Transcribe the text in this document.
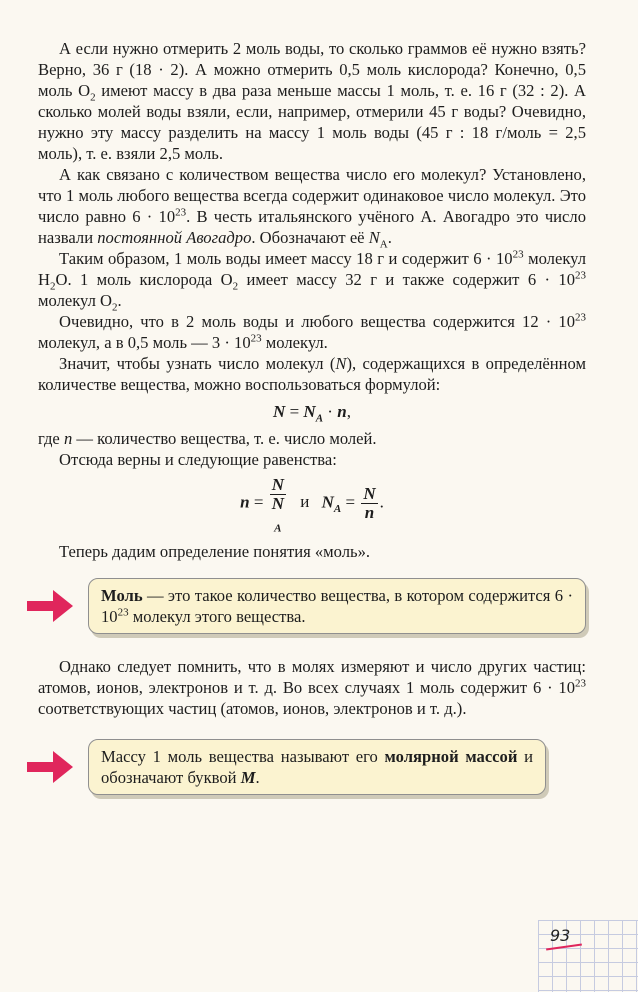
А если нужно отмерить 2 моль воды, то сколько граммов её нужно взять? Верно, 36 г (18 · 2). А можно отмерить 0,5 моль кислорода? Конечно, 0,5 моль $O_2$ имеют массу в два раза меньше массы 1 моль, т. е. 16 г (32 : 2). А сколько молей воды взяли, если, например, отмерили 45 г воды? Очевидно, нужно эту массу разделить на массу 1 моль воды (45 г : 18 г/моль = 2,5 моль), т. е. взяли 2,5 моль.

А как связано с количеством вещества число его молекул? Установлено, что 1 моль любого вещества всегда содержит одинаковое число молекул. Это число равно $6 \cdot 10^{23}$. В честь итальянского учёного А. Авогадро это число назвали постоянной Авогадро. Обозначают её $N_A$.

Таким образом, 1 моль воды имеет массу 18 г и содержит $6 \cdot 10^{23}$ молекул $H_2O$. 1 моль кислорода $O_2$ имеет массу 32 г и также содержит $6 \cdot 10^{23}$ молекул $O_2$.

Очевидно, что в 2 моль воды и любого вещества содержится $12 \cdot 10^{23}$ молекул, а в 0,5 моль — $3 \cdot 10^{23}$ молекул.

Значит, чтобы узнать число молекул (N), содержащихся в определённом количестве вещества, можно воспользоваться формулой:

$N = N_A \cdot n$,

где n — количество вещества, т. е. число молей.

Отсюда верны и следующие равенства:

n = N
N
$_A$ и $N_A = \frac{N}{n}$ .

Теперь дадим определение понятия «моль».

Моль — это такое количество вещества, в котором содержится $6 \cdot 10^{23}$ молекул этого вещества.

Однако следует помнить, что в молях измеряют и число других частиц: атомов, ионов, электронов и т. д. Во всех случаях 1 моль содержит $6 \cdot 10^{23}$ соответствующих частиц (атомов, ионов, электронов и т. д.).

Массу 1 моль вещества называют его молярной массой и обозначают буквой M.
93
